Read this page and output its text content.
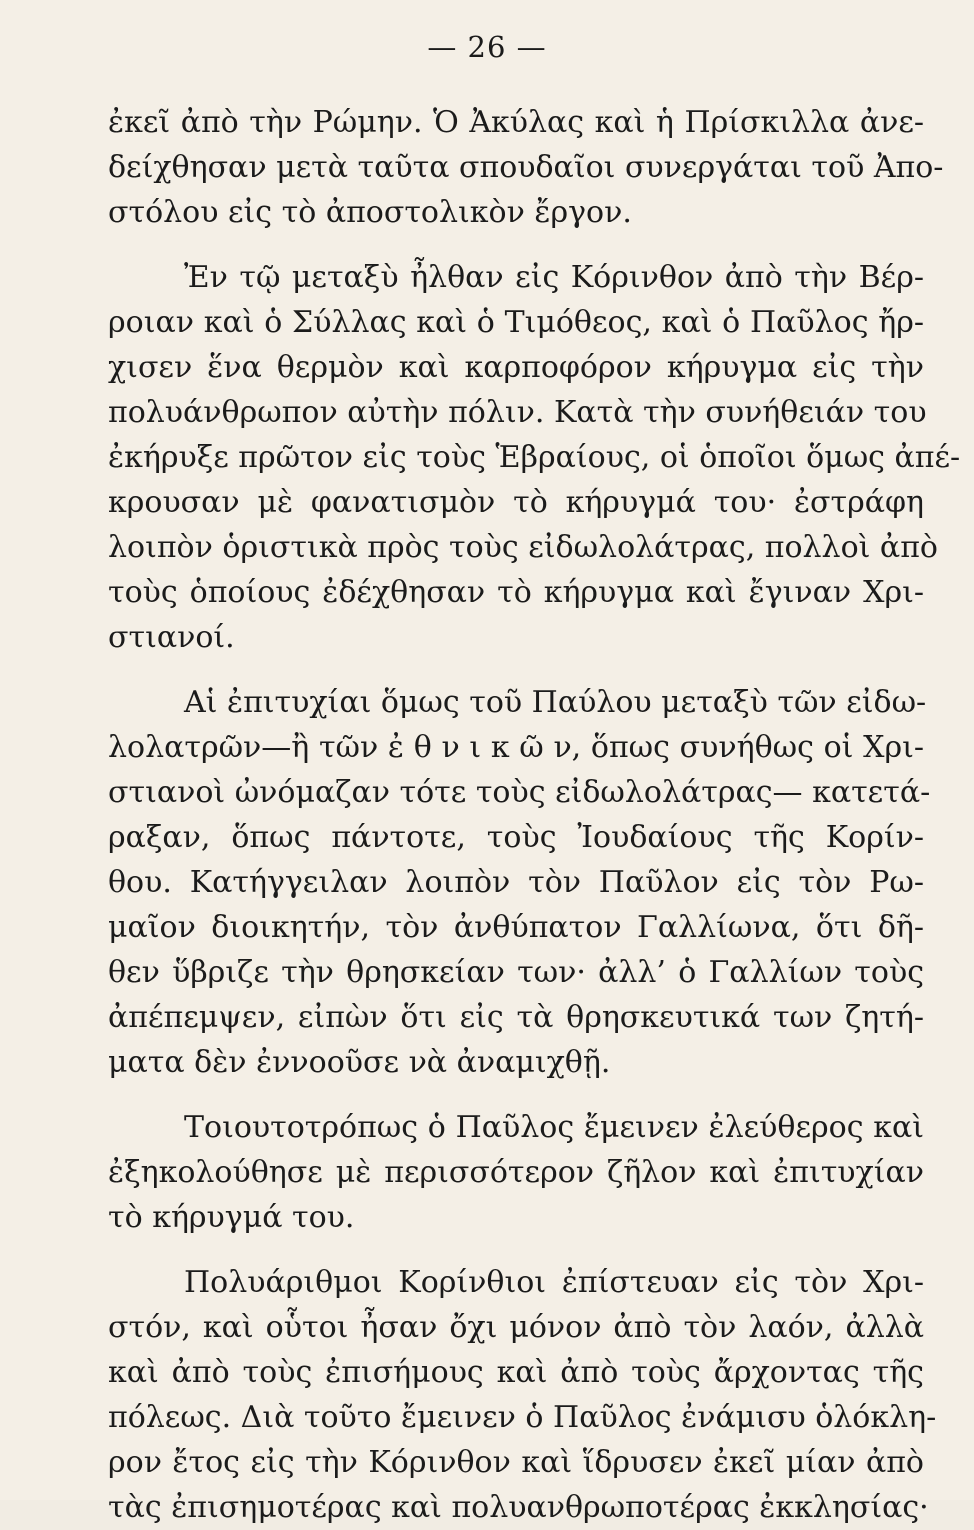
— 26 —
ἐκεῖ ἀπὸ τὴν Ρώμην. Ὁ Ἀκύλας καὶ ἡ Πρίσκιλλα ἀνε-
δείχθησαν μετὰ ταῦτα σπουδαῖοι συνεργάται τοῦ Ἀπο-
στόλου εἰς τὸ ἀποστολικὸν ἔργον.
Ἐν τῷ μεταξὺ ἦλθαν εἰς Κόρινθον ἀπὸ τὴν Βέρ-
ροιαν καὶ ὁ Σύλλας καὶ ὁ Τιμόθεος, καὶ ὁ Παῦλος ἤρ-
χισεν ἕνα θερμὸν καὶ καρποφόρον κήρυγμα εἰς τὴν
πολυάνθρωπον αὐτὴν πόλιν. Κατὰ τὴν συνήθειάν του
ἐκήρυξε πρῶτον εἰς τοὺς Ἑβραίους, οἱ ὁποῖοι ὅμως ἀπέ-
κρουσαν μὲ φανατισμὸν τὸ κήρυγμά του· ἐστράφη
λοιπὸν ὁριστικὰ πρὸς τοὺς εἰδωλολάτρας, πολλοὶ ἀπὸ
τοὺς ὁποίους ἐδέχθησαν τὸ κήρυγμα καὶ ἔγιναν Χρι-
στιανοί.
Αἱ ἐπιτυχίαι ὅμως τοῦ Παύλου μεταξὺ τῶν εἰδω-
λολατρῶν—ἢ τῶν ἐ θ ν ι κ ῶ ν, ὅπως συνήθως οἱ Χρι-
στιανοὶ ὠνόμαζαν τότε τοὺς εἰδωλολάτρας— κατετά-
ραξαν, ὅπως πάντοτε, τοὺς Ἰουδαίους τῆς Κορίν-
θου. Κατήγγειλαν λοιπὸν τὸν Παῦλον εἰς τὸν Ρω-
μαῖον διοικητήν, τὸν ἀνθύπατον Γαλλίωνα, ὅτι δῆ-
θεν ὕβριζε τὴν θρησκείαν των· ἀλλ’ ὁ Γαλλίων τοὺς
ἀπέπεμψεν, εἰπὼν ὅτι εἰς τὰ θρησκευτικά των ζητή-
ματα δὲν ἐννοοῦσε νὰ ἀναμιχθῇ.
Τοιουτοτρόπως ὁ Παῦλος ἔμεινεν ἐλεύθερος καὶ
ἐξηκολούθησε μὲ περισσότερον ζῆλον καὶ ἐπιτυχίαν
τὸ κήρυγμά του.
Πολυάριθμοι Κορίνθιοι ἐπίστευαν εἰς τὸν Χρι-
στόν, καὶ οὗτοι ἦσαν ὄχι μόνον ἀπὸ τὸν λαόν, ἀλλὰ
καὶ ἀπὸ τοὺς ἐπισήμους καὶ ἀπὸ τοὺς ἄρχοντας τῆς
πόλεως. Διὰ τοῦτο ἔμεινεν ὁ Παῦλος ἐνάμισυ ὁλόκλη-
ρον ἔτος εἰς τὴν Κόρινθον καὶ ἵδρυσεν ἐκεῖ μίαν ἀπὸ
τὰς ἐπισημοτέρας καὶ πολυανθρωποτέρας ἐκκλησίας·
